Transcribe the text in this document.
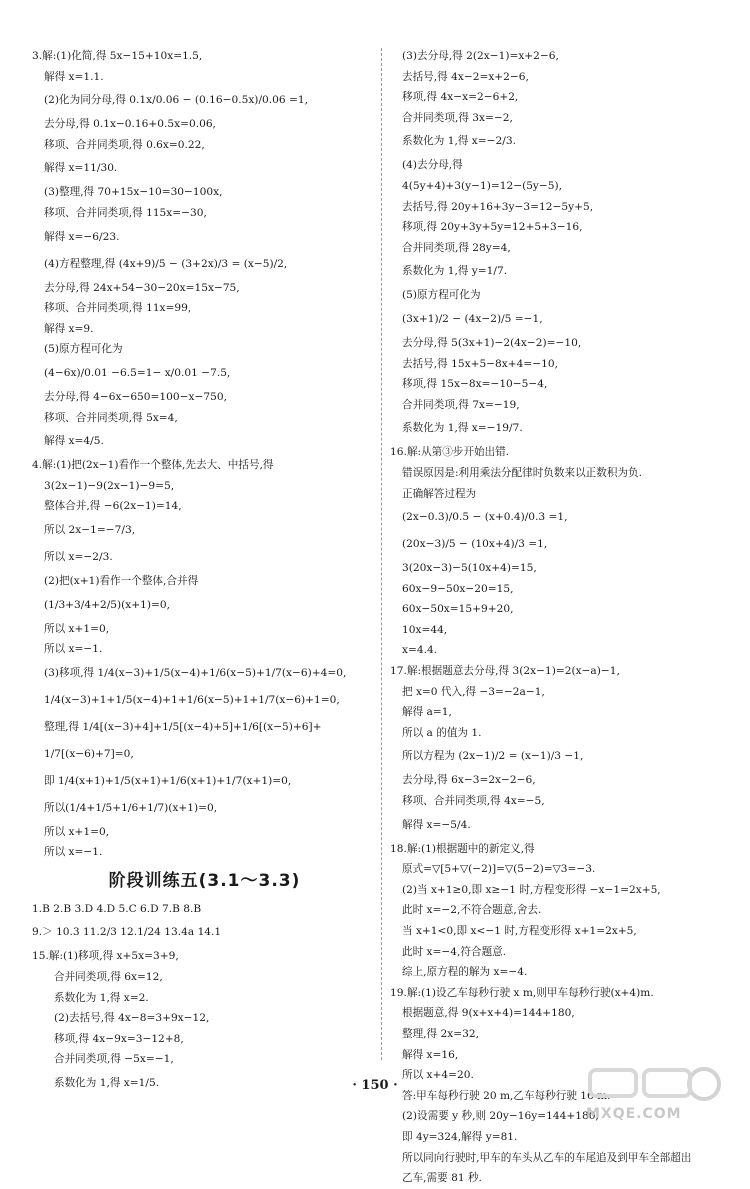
3.解:(1)化简,得 5x−15+10x=1.5,
解得 x=1.1.
(2)化为同分母,得 0.1x/0.06 − (0.16−0.5x)/0.06 =1,
去分母,得 0.1x−0.16+0.5x=0.06,
移项、合并同类项,得 0.6x=0.22,
解得 x=11/30.
(3)整理,得 70+15x−10=30−100x,
移项、合并同类项,得 115x=−30,
解得 x=−6/23.
(4)方程整理,得 (4x+9)/5 − (3+2x)/3 = (x−5)/2,
去分母,得 24x+54−30−20x=15x−75,
移项、合并同类项,得 11x=99,
解得 x=9.
(5)原方程可化为
(4−6x)/0.01 −6.5=1− x/0.01 −7.5,
去分母,得 4−6x−650=100−x−750,
移项、合并同类项,得 5x=4,
解得 x=4/5.
4.解:(1)把(2x−1)看作一个整体,先去大、中括号,得
3(2x−1)−9(2x−1)−9=5,
整体合并,得 −6(2x−1)=14,
所以 2x−1=−7/3,
所以 x=−2/3.
(2)把(x+1)看作一个整体,合并得
(1/3+3/4+2/5)(x+1)=0,
所以 x+1=0,
所以 x=−1.
(3)移项,得 1/4(x−3)+1/5(x−4)+1/6(x−5)+1/7(x−6)+4=0,
1/4(x−3)+1+1/5(x−4)+1+1/6(x−5)+1+1/7(x−6)+1=0,
整理,得 1/4[(x−3)+4]+1/5[(x−4)+5]+1/6[(x−5)+6]+
1/7[(x−6)+7]=0,
即 1/4(x+1)+1/5(x+1)+1/6(x+1)+1/7(x+1)=0,
所以(1/4+1/5+1/6+1/7)(x+1)=0,
所以 x+1=0,
所以 x=−1.
阶段训练五(3.1～3.3)
1.B 2.B 3.D 4.D 5.C 6.D 7.B 8.B
9.＞ 10.3 11.2/3 12.1/24 13.4a 14.1
15.解:(1)移项,得 x+5x=3+9,
合并同类项,得 6x=12,
系数化为 1,得 x=2.
(2)去括号,得 4x−8=3+9x−12,
移项,得 4x−9x=3−12+8,
合并同类项,得 −5x=−1,
系数化为 1,得 x=1/5.
(3)去分母,得 2(2x−1)=x+2−6,
去括号,得 4x−2=x+2−6,
移项,得 4x−x=2−6+2,
合并同类项,得 3x=−2,
系数化为 1,得 x=−2/3.
(4)去分母,得
4(5y+4)+3(y−1)=12−(5y−5),
去括号,得 20y+16+3y−3=12−5y+5,
移项,得 20y+3y+5y=12+5+3−16,
合并同类项,得 28y=4,
系数化为 1,得 y=1/7.
(5)原方程可化为
(3x+1)/2 − (4x−2)/5 =−1,
去分母,得 5(3x+1)−2(4x−2)=−10,
去括号,得 15x+5−8x+4=−10,
移项,得 15x−8x=−10−5−4,
合并同类项,得 7x=−19,
系数化为 1,得 x=−19/7.
16.解:从第③步开始出错.
错误原因是:利用乘法分配律时负数来以正数积为负.
正确解答过程为
(2x−0.3)/0.5 − (x+0.4)/0.3 =1,
(20x−3)/5 − (10x+4)/3 =1,
3(20x−3)−5(10x+4)=15,
60x−9−50x−20=15,
60x−50x=15+9+20,
10x=44,
x=4.4.
17.解:根据题意去分母,得 3(2x−1)=2(x−a)−1,
把 x=0 代入,得 −3=−2a−1,
解得 a=1,
所以 a 的值为 1.
所以方程为 (2x−1)/2 = (x−1)/3 −1,
去分母,得 6x−3=2x−2−6,
移项、合并同类项,得 4x=−5,
解得 x=−5/4.
18.解:(1)根据题中的新定义,得
原式=▽[5+▽(−2)]=▽(5−2)=▽3=−3.
(2)当 x+1≥0,即 x≥−1 时,方程变形得 −x−1=2x+5,
此时 x=−2,不符合题意,舍去.
当 x+1<0,即 x<−1 时,方程变形得 x+1=2x+5,
此时 x=−4,符合题意.
综上,原方程的解为 x=−4.
19.解:(1)设乙车每秒行驶 x m,则甲车每秒行驶(x+4)m.
根据题意,得 9(x+x+4)=144+180,
整理,得 2x=32,
解得 x=16,
所以 x+4=20.
答:甲车每秒行驶 20 m,乙车每秒行驶 16 m.
(2)设需要 y 秒,则 20y−16y=144+180,
即 4y=324,解得 y=81.
所以同向行驶时,甲车的车头从乙车的车尾追及到甲车全部超出
乙车,需要 81 秒.
· 150 ·
MXQE.COM
